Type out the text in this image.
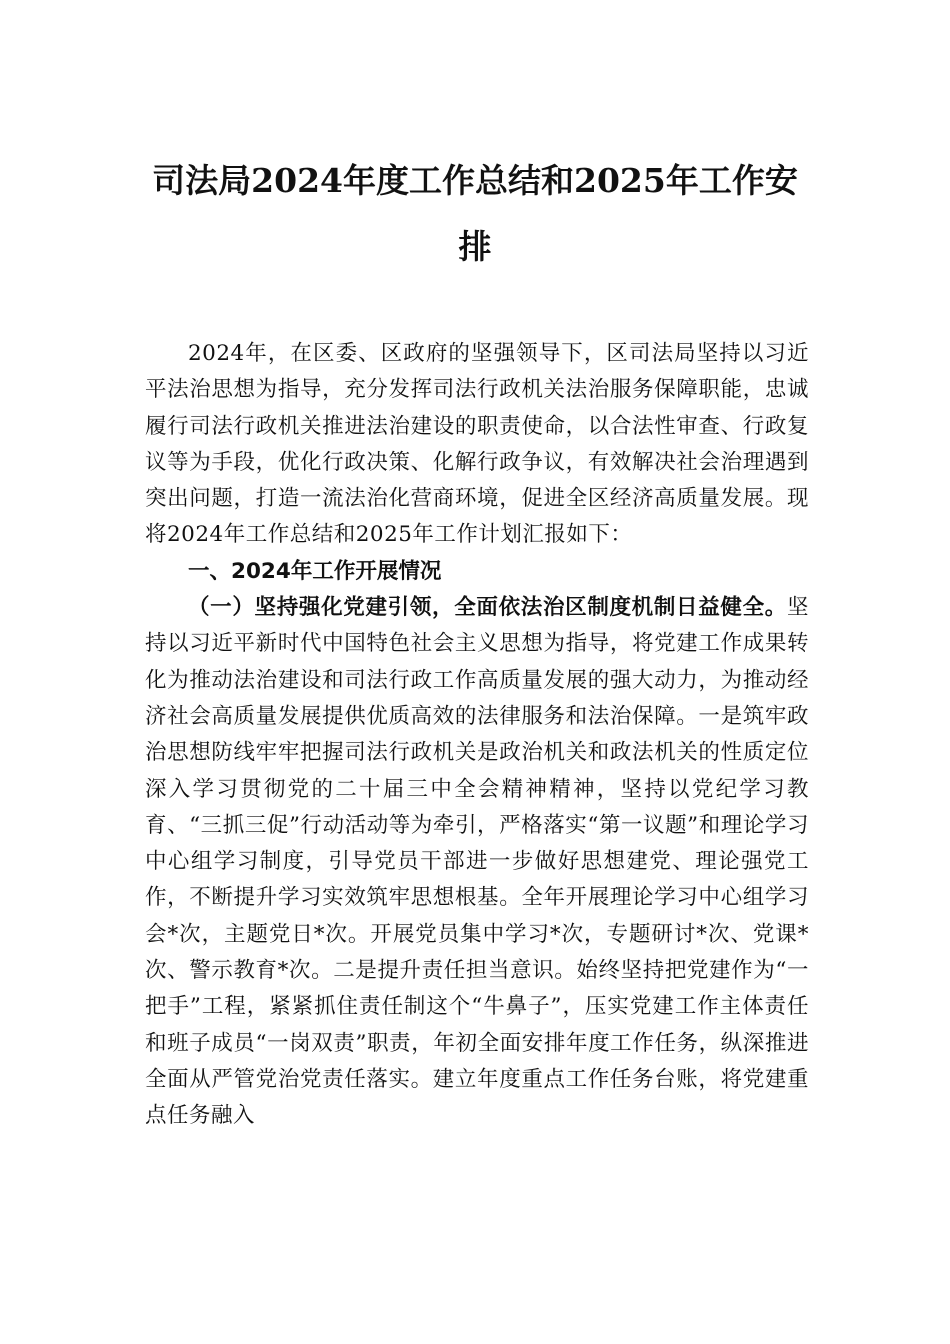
司法局2024年度工作总结和2025年工作安排

2024年，在区委、区政府的坚强领导下，区司法局坚持以习近平法治思想为指导，充分发挥司法行政机关法治服务保障职能，忠诚履行司法行政机关推进法治建设的职责使命，以合法性审查、行政复议等为手段，优化行政决策、化解行政争议，有效解决社会治理遇到突出问题，打造一流法治化营商环境，促进全区经济高质量发展。现将2024年工作总结和2025年工作计划汇报如下：

一、2024年工作开展情况

（一）坚持强化党建引领，全面依法治区制度机制日益健全。坚持以习近平新时代中国特色社会主义思想为指导，将党建工作成果转化为推动法治建设和司法行政工作高质量发展的强大动力，为推动经济社会高质量发展提供优质高效的法律服务和法治保障。一是筑牢政治思想防线牢牢把握司法行政机关是政治机关和政法机关的性质定位深入学习贯彻党的二十届三中全会精神精神，坚持以党纪学习教育、“三抓三促”行动活动等为牵引，严格落实“第一议题”和理论学习中心组学习制度，引导党员干部进一步做好思想建党、理论强党工作，不断提升学习实效筑牢思想根基。全年开展理论学习中心组学习会*次，主题党日*次。开展党员集中学习*次，专题研讨*次、党课*次、警示教育*次。二是提升责任担当意识。始终坚持把党建作为“一把手”工程，紧紧抓住责任制这个“牛鼻子”，压实党建工作主体责任和班子成员“一岗双责”职责，年初全面安排年度工作任务，纵深推进全面从严管党治党责任落实。建立年度重点工作任务台账，将党建重点任务融入
